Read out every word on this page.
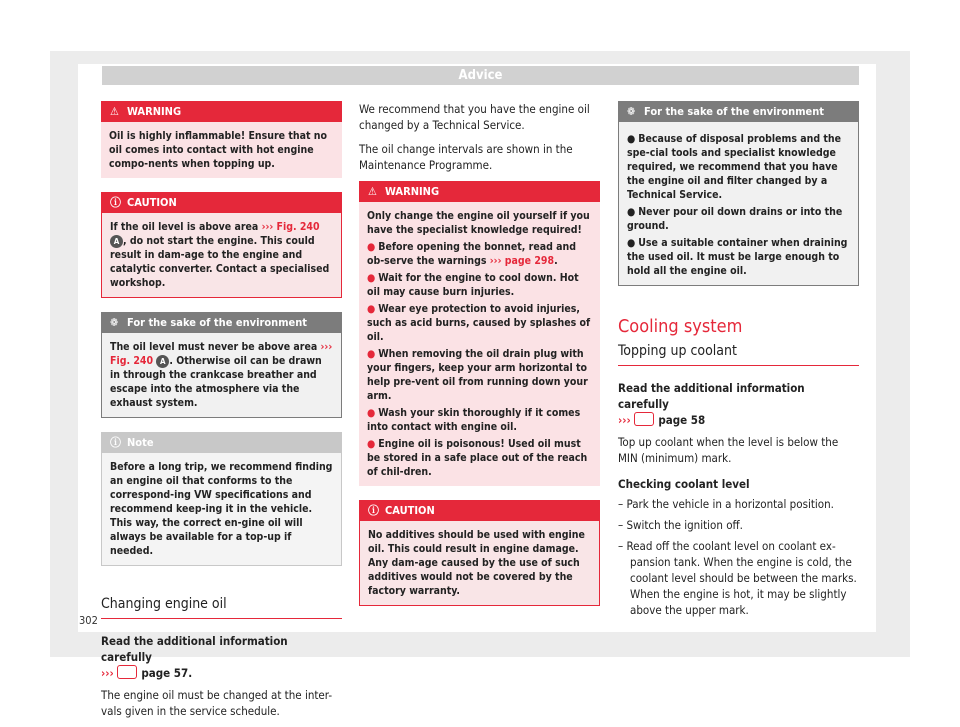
Advice
⚠ WARNING
Oil is highly inflammable! Ensure that no oil comes into contact with hot engine compo-nents when topping up.
ⓘ CAUTION
If the oil level is above area ››› Fig. 240 A , do not start the engine. This could result in dam-age to the engine and catalytic converter. Contact a specialised workshop.
❁ For the sake of the environment
The oil level must never be above area ››› Fig. 240 A . Otherwise oil can be drawn in through the crankcase breather and escape into the atmosphere via the exhaust system.
ⓘ Note
Before a long trip, we recommend finding an engine oil that conforms to the correspond-ing VW specifications and recommend keep-ing it in the vehicle. This way, the correct en-gine oil will always be available for a top-up if needed.
Changing engine oil

Read the additional information carefully
››› page 57.

The engine oil must be changed at the inter-vals given in the service schedule.

We recommend that you have the engine oil changed by a Technical Service.

The oil change intervals are shown in the Maintenance Programme.

⚠ WARNING
Only change the engine oil yourself if you have the specialist knowledge required!
● Before opening the bonnet, read and ob-serve the warnings ››› page 298.
● Wait for the engine to cool down. Hot oil may cause burn injuries.
● Wear eye protection to avoid injuries, such as acid burns, caused by splashes of oil.
● When removing the oil drain plug with your fingers, keep your arm horizontal to help pre-vent oil from running down your arm.
● Wash your skin thoroughly if it comes into contact with engine oil.
● Engine oil is poisonous! Used oil must be stored in a safe place out of the reach of chil-dren.
ⓘ CAUTION
No additives should be used with engine oil. This could result in engine damage. Any dam-age caused by the use of such additives would not be covered by the factory warranty.
❁ For the sake of the environment
● Because of disposal problems and the spe-cial tools and specialist knowledge required, we recommend that you have the engine oil and filter changed by a Technical Service.
● Never pour oil down drains or into the ground.
● Use a suitable container when draining the used oil. It must be large enough to hold all the engine oil.
Cooling system
Topping up coolant

Read the additional information carefully
››› page 58

Top up coolant when the level is below the MIN (minimum) mark.

Checking coolant level

– Park the vehicle in a horizontal position.
– Switch the ignition off.
– Read off the coolant level on coolant ex-pansion tank. When the engine is cold, the coolant level should be between the marks. When the engine is hot, it may be slightly above the upper mark.
302
